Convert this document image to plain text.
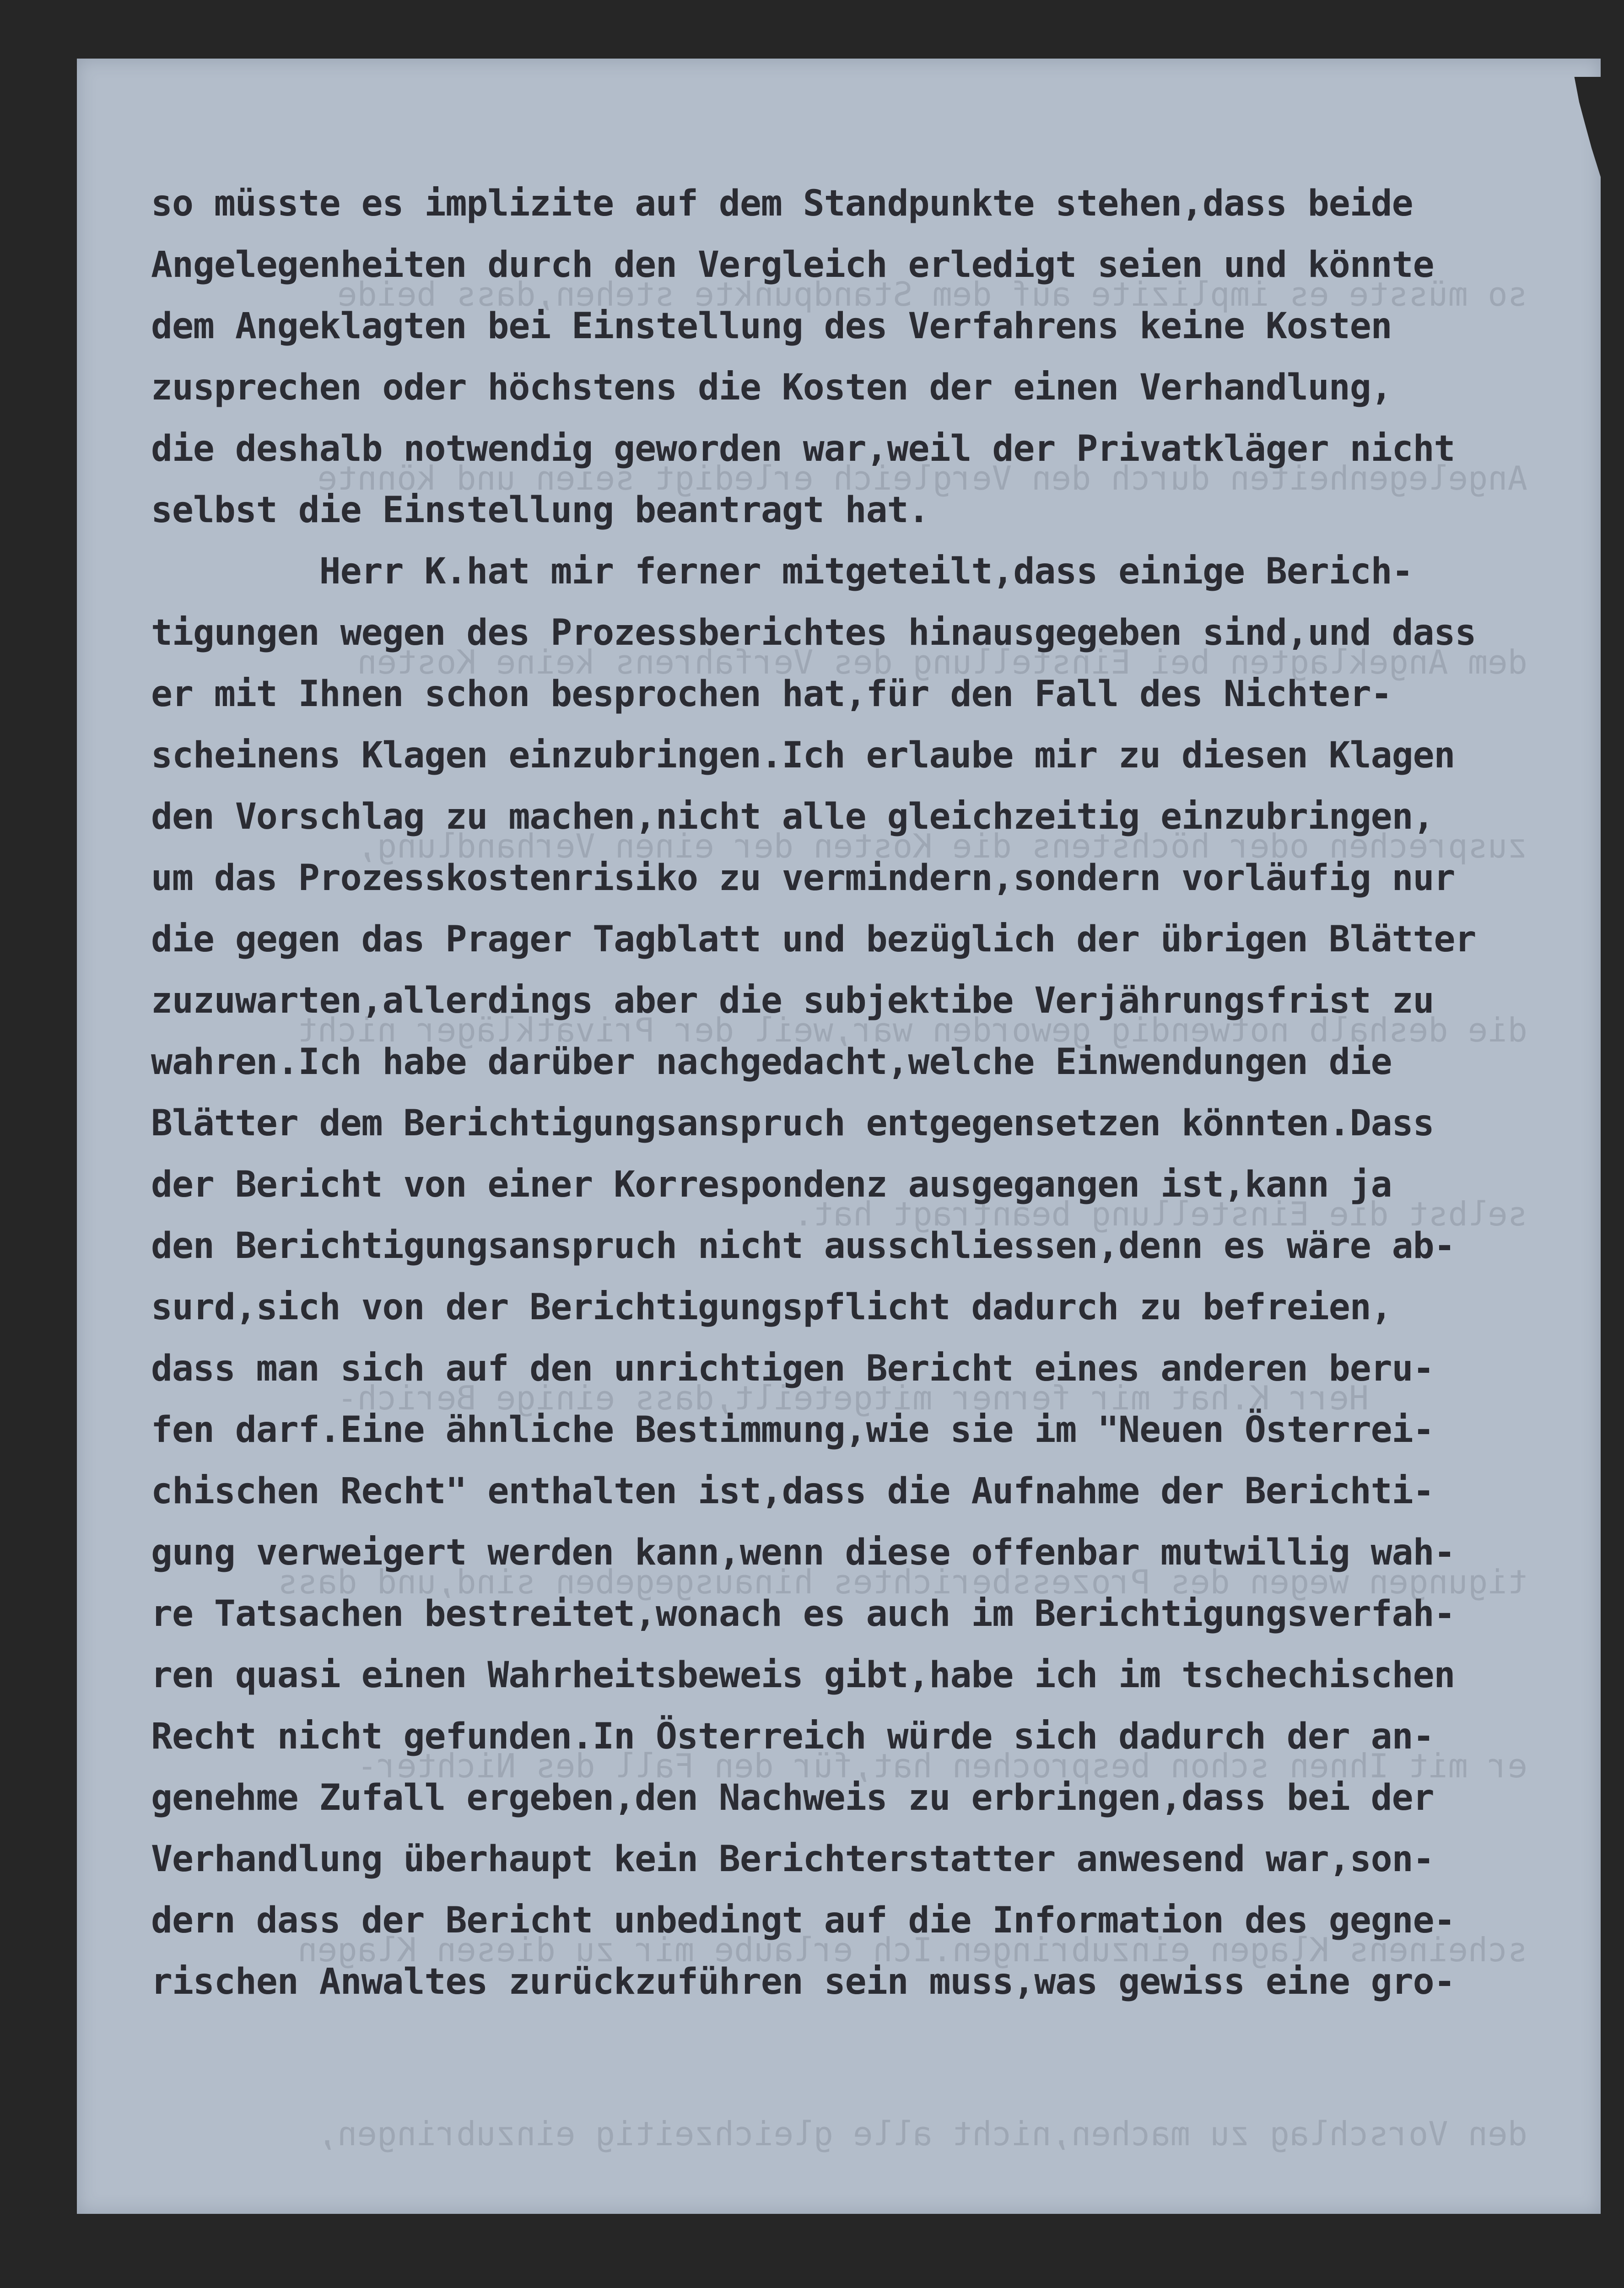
so müsste es implizite auf dem Standpunkte stehen,dass beide

Angelegenheiten durch den Vergleich erledigt seien und könnte

dem Angeklagten bei Einstellung des Verfahrens keine Kosten

zusprechen oder höchstens die Kosten der einen Verhandlung,

die deshalb notwendig geworden war,weil der Privatkläger nicht

selbst die Einstellung beantragt hat.

Herr K.hat mir ferner mitgeteilt,dass einige Berich-

tigungen wegen des Prozessberichtes hinausgegeben sind,und dass

er mit Ihnen schon besprochen hat,für den Fall des Nichter-

scheinens Klagen einzubringen.Ich erlaube mir zu diesen Klagen

den Vorschlag zu machen,nicht alle gleichzeitig einzubringen,

so müsste es implizite auf dem Standpunkte stehen,dass beide
Angelegenheiten durch den Vergleich erledigt seien und könnte
dem Angeklagten bei Einstellung des Verfahrens keine Kosten
zusprechen oder höchstens die Kosten der einen Verhandlung,
die deshalb notwendig geworden war,weil der Privatkläger nicht
selbst die Einstellung beantragt hat.
Herr K.hat mir ferner mitgeteilt,dass einige Berich-
tigungen wegen des Prozessberichtes hinausgegeben sind,und dass
er mit Ihnen schon besprochen hat,für den Fall des Nichter-
scheinens Klagen einzubringen.Ich erlaube mir zu diesen Klagen
den Vorschlag zu machen,nicht alle gleichzeitig einzubringen,
um das Prozesskostenrisiko zu vermindern,sondern vorläufig nur
die gegen das Prager Tagblatt und bezüglich der übrigen Blätter
zuzuwarten,allerdings aber die subjektibe Verjährungsfrist zu
wahren.Ich habe darüber nachgedacht,welche Einwendungen die
Blätter dem Berichtigungsanspruch entgegensetzen könnten.Dass
der Bericht von einer Korrespondenz ausgegangen ist,kann ja
den Berichtigungsanspruch nicht ausschliessen,denn es wäre ab-
surd,sich von der Berichtigungspflicht dadurch zu befreien,
dass man sich auf den unrichtigen Bericht eines anderen beru-
fen darf.Eine ähnliche Bestimmung,wie sie im "Neuen Österrei-
chischen Recht" enthalten ist,dass die Aufnahme der Berichti-
gung verweigert werden kann,wenn diese offenbar mutwillig wah-
re Tatsachen bestreitet,wonach es auch im Berichtigungsverfah-
ren quasi einen Wahrheitsbeweis gibt,habe ich im tschechischen
Recht nicht gefunden.In Österreich würde sich dadurch der an-
genehme Zufall ergeben,den Nachweis zu erbringen,dass bei der
Verhandlung überhaupt kein Berichterstatter anwesend war,son-
dern dass der Bericht unbedingt auf die Information des gegne-
rischen Anwaltes zurückzuführen sein muss,was gewiss eine gro-
